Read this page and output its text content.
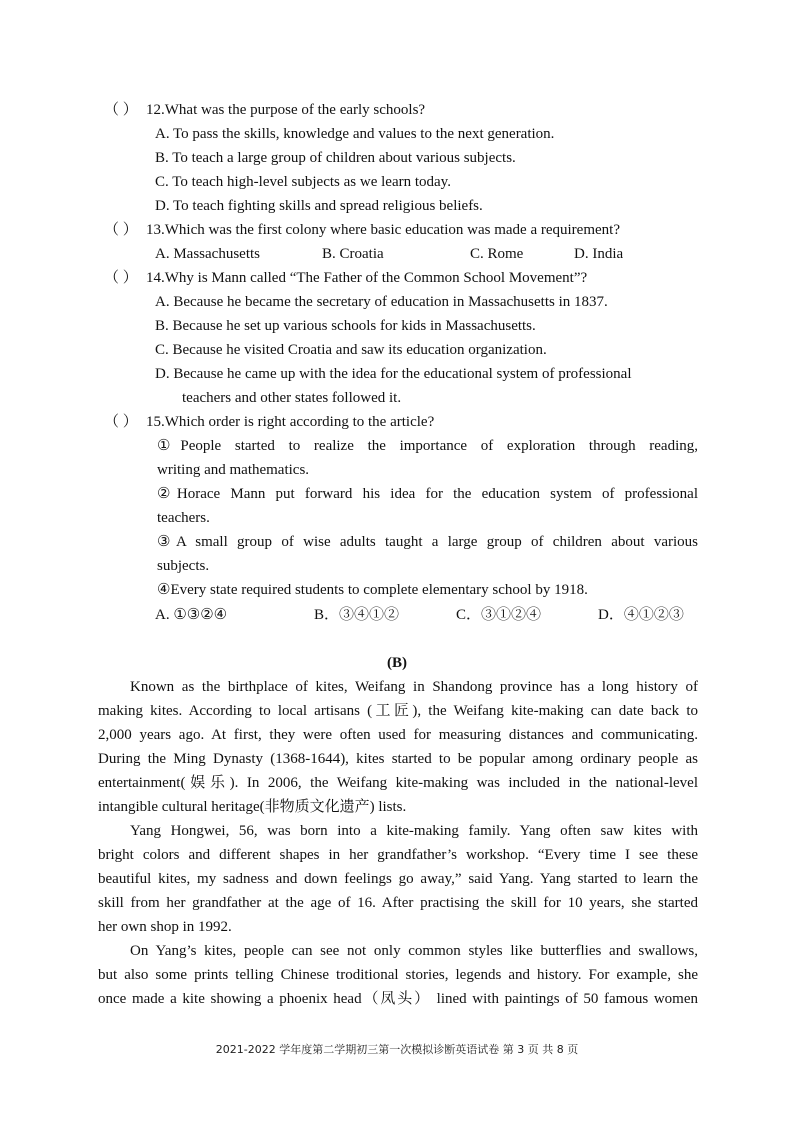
（ ） 12.What was the purpose of the early schools?
A. To pass the skills, knowledge and values to the next generation.
B. To teach a large group of children about various subjects.
C. To teach high-level subjects as we learn today.
D. To teach fighting skills and spread religious beliefs.
（ ） 13.Which was the first colony where basic education was made a requirement?
A. Massachusetts	B. Croatia	C. Rome	D. India
（ ） 14.Why is Mann called “The Father of the Common School Movement”?
A. Because he became the secretary of education in Massachusetts in 1837.
B. Because he set up various schools for kids in Massachusetts.
C. Because he visited Croatia and saw its education organization.
D. Because he came up with the idea for the educational system of professional
teachers and other states followed it.
（ ） 15.Which order is right according to the article?
①People started to realize the importance of exploration through reading,
writing and mathematics.
②Horace Mann put forward his idea for the education system of professional
teachers.
③A small group of wise adults taught a large group of children about various
subjects.
④Every state required students to complete elementary school by 1918.
A. ①③②④	B．③④①②	C．③①②④	D．④①②③
(B)
Known as the birthplace of kites, Weifang in Shandong province has a long history of
making kites. According to local artisans (工匠), the Weifang kite-making can date back to
2,000 years ago. At first, they were often used for measuring distances and communicating.
During the Ming Dynasty (1368-1644), kites started to be popular among ordinary people as
entertainment(娱乐). In 2006, the Weifang kite-making was included in the national-level
intangible cultural heritage(非物质文化遗产) lists.
Yang Hongwei, 56, was born into a kite-making family. Yang often saw kites with
bright colors and different shapes in her grandfather’s workshop. “Every time I see these
beautiful kites, my sadness and down feelings go away,” said Yang. Yang started to learn the
skill from her grandfather at the age of 16. After practising the skill for 10 years, she started
her own shop in 1992.
On Yang’s kites, people can see not only common styles like butterflies and swallows,
but also some prints telling Chinese troditional stories, legends and history. For example, she
once made a kite showing a phoenix head（凤头） lined with paintings of 50 famous women
2021-2022 学年度第二学期初三第一次模拟诊断英语试卷 第 3 页 共 8 页
